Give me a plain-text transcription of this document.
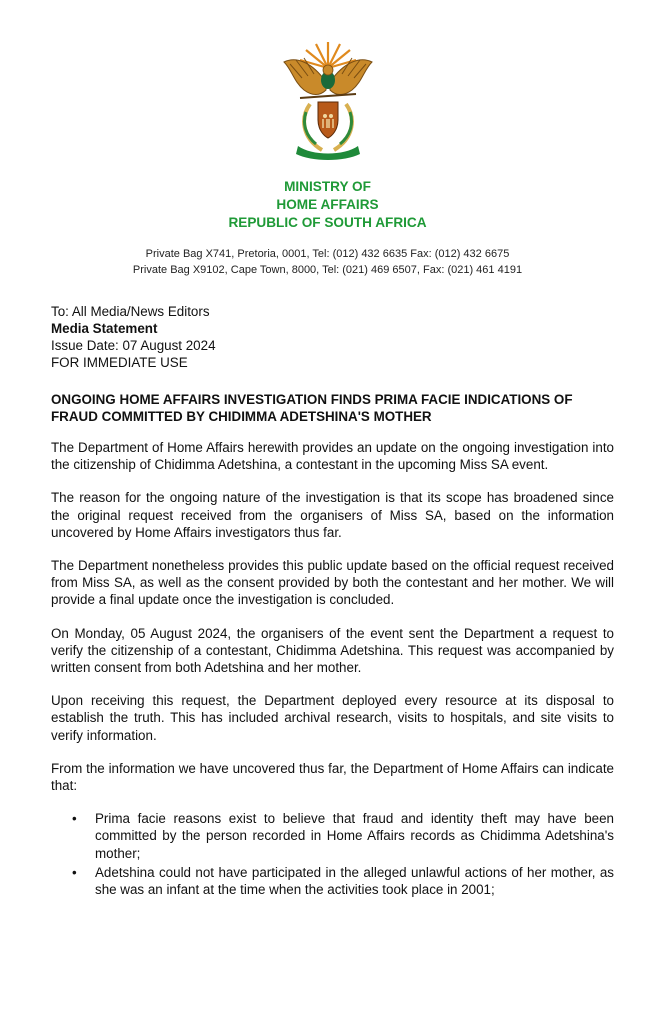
MINISTRY OF
HOME AFFAIRS
REPUBLIC OF SOUTH AFRICA
Private Bag X741, Pretoria, 0001, Tel: (012) 432 6635 Fax: (012) 432 6675
Private Bag X9102, Cape Town, 8000, Tel: (021) 469 6507, Fax: (021) 461 4191
To: All Media/News Editors
Media Statement
Issue Date: 07 August 2024
FOR IMMEDIATE USE
ONGOING HOME AFFAIRS INVESTIGATION FINDS PRIMA FACIE INDICATIONS OF FRAUD COMMITTED BY CHIDIMMA ADETSHINA'S MOTHER

The Department of Home Affairs herewith provides an update on the ongoing investigation into the citizenship of Chidimma Adetshina, a contestant in the upcoming Miss SA event.

The reason for the ongoing nature of the investigation is that its scope has broadened since the original request received from the organisers of Miss SA, based on the information uncovered by Home Affairs investigators thus far.

The Department nonetheless provides this public update based on the official request received from Miss SA, as well as the consent provided by both the contestant and her mother. We will provide a final update once the investigation is concluded.

On Monday, 05 August 2024, the organisers of the event sent the Department a request to verify the citizenship of a contestant, Chidimma Adetshina. This request was accompanied by written consent from both Adetshina and her mother.

Upon receiving this request, the Department deployed every resource at its disposal to establish the truth. This has included archival research, visits to hospitals, and site visits to verify information.

From the information we have uncovered thus far, the Department of Home Affairs can indicate that:

• Prima facie reasons exist to believe that fraud and identity theft may have been committed by the person recorded in Home Affairs records as Chidimma Adetshina's mother;
• Adetshina could not have participated in the alleged unlawful actions of her mother, as she was an infant at the time when the activities took place in 2001;
